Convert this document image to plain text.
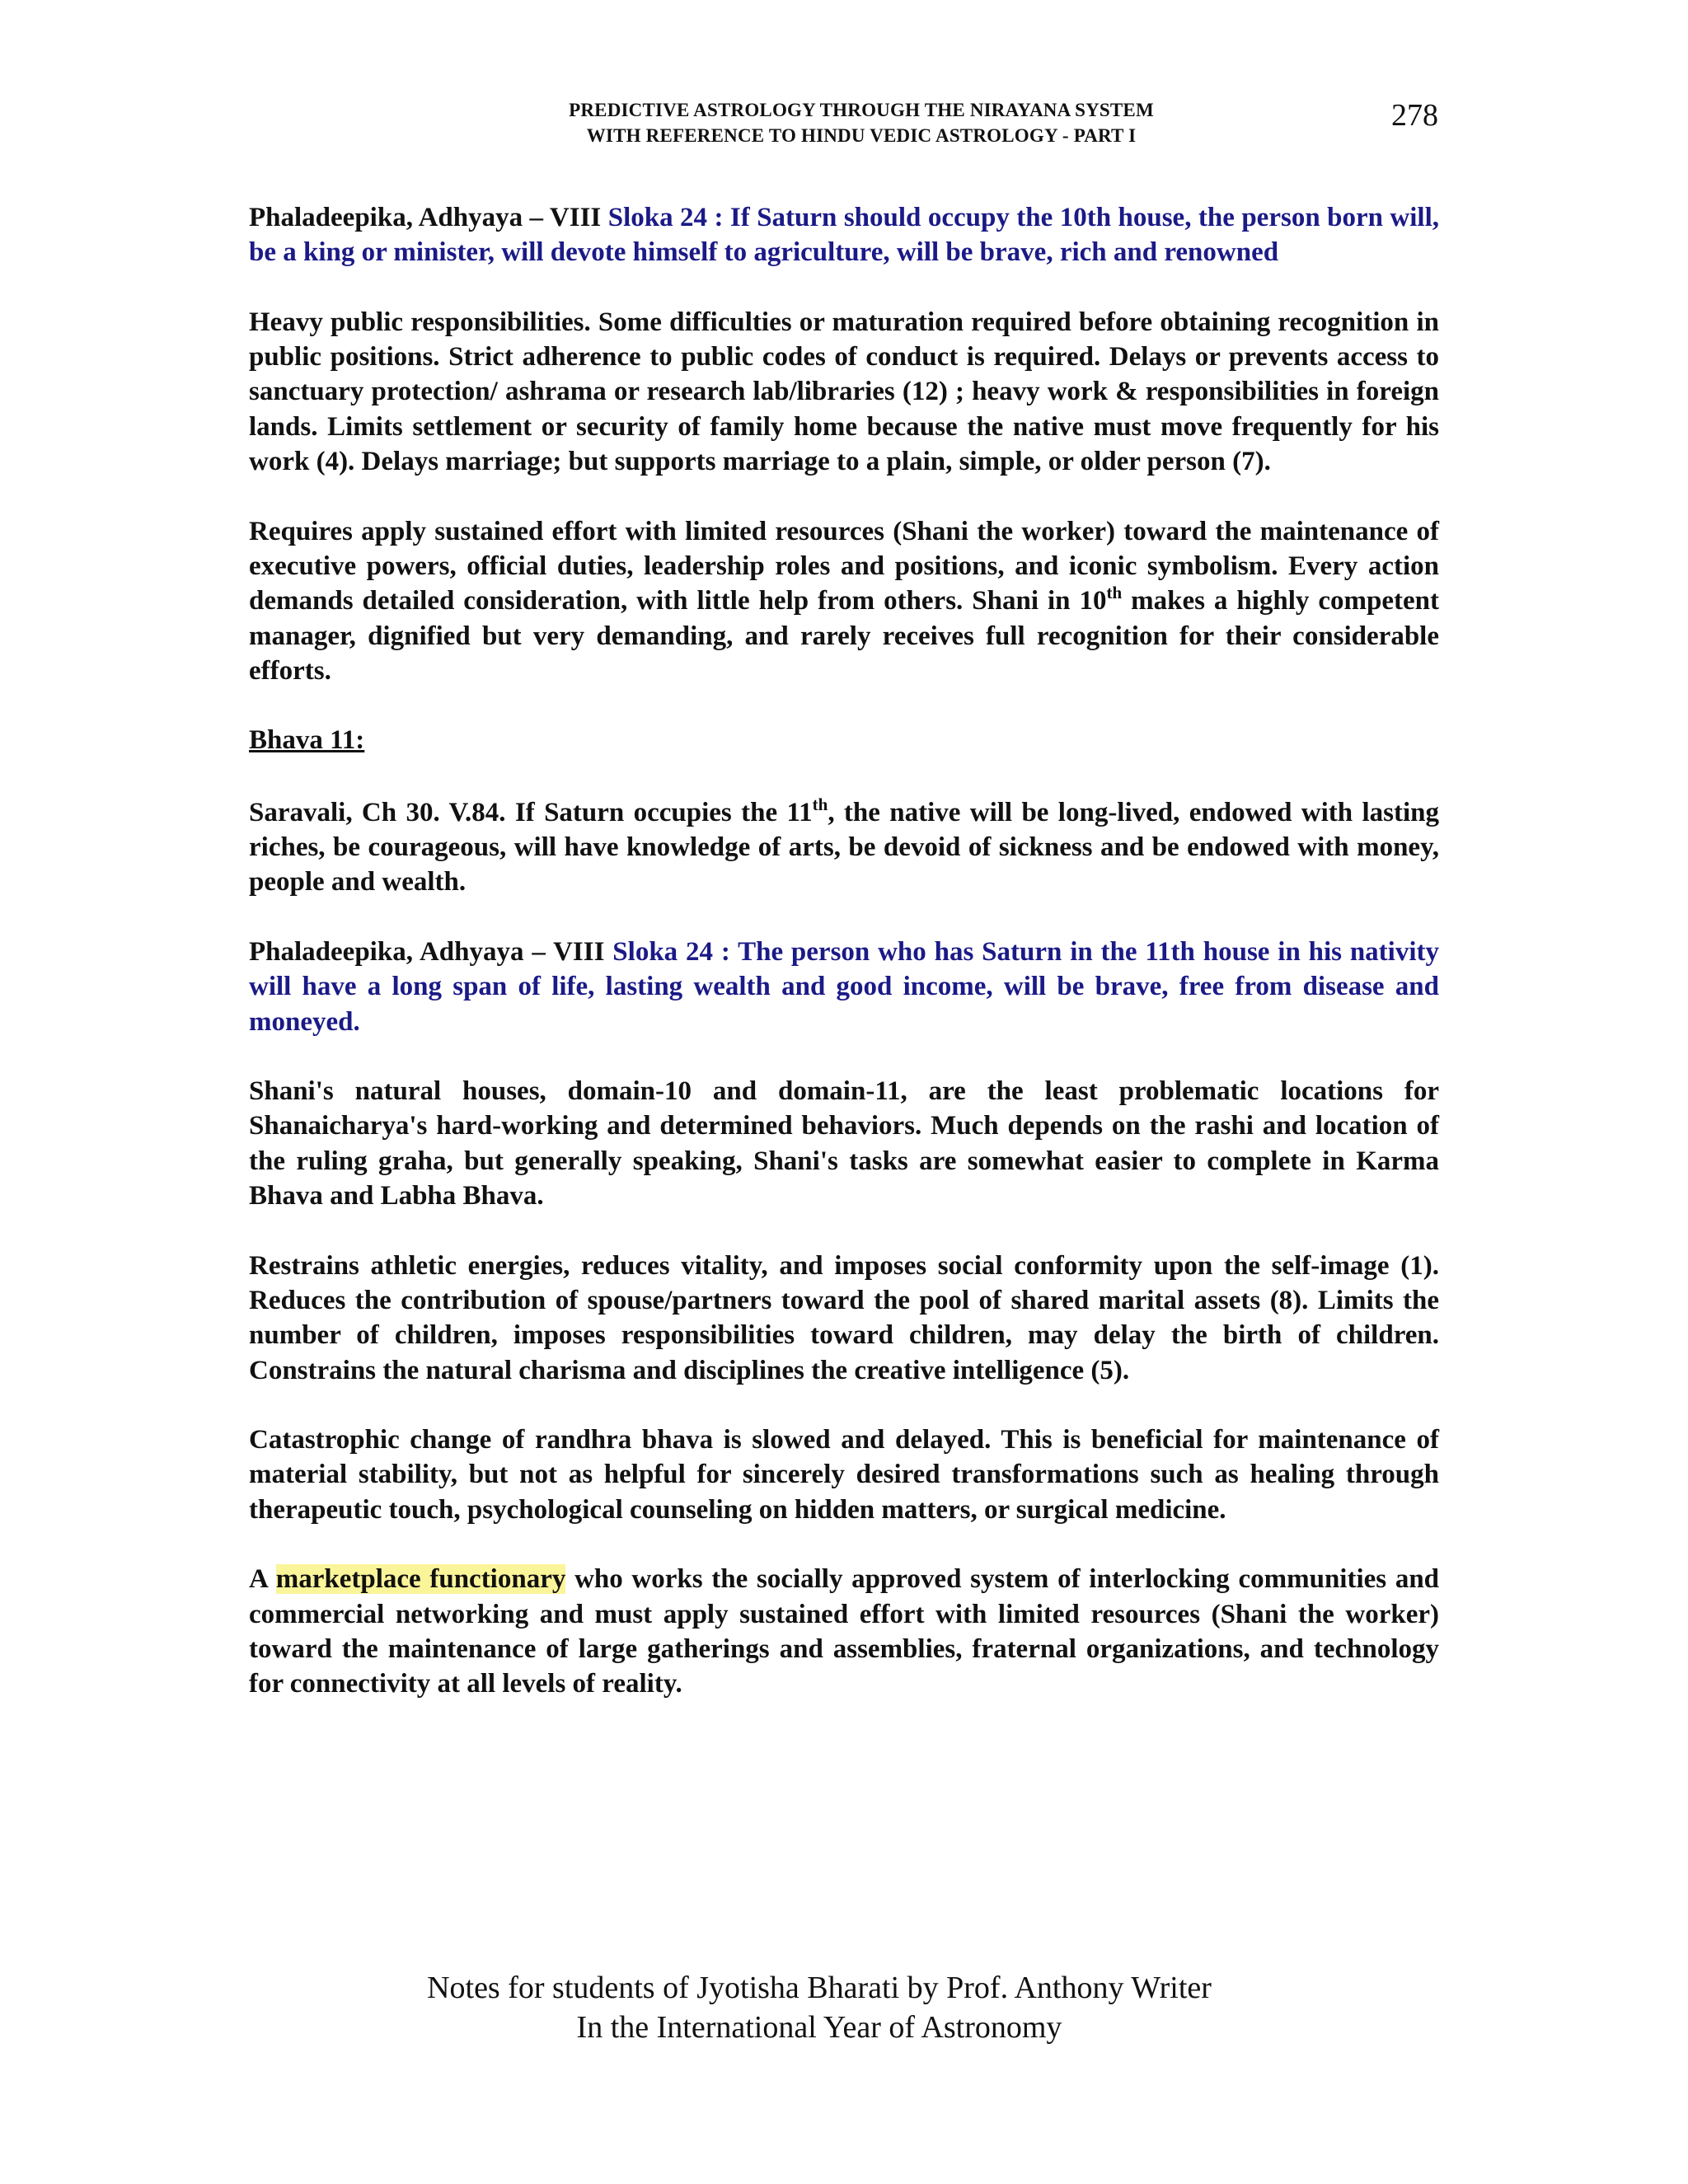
PREDICTIVE ASTROLOGY THROUGH THE NIRAYANA SYSTEM
WITH REFERENCE TO HINDU VEDIC ASTROLOGY - PART I
278

Phaladeepika, Adhyaya – VIII Sloka 24 : If Saturn should occupy the 10th house, the person born will, be a king or minister, will devote himself to agriculture, will be brave, rich and renowned

Heavy public responsibilities. Some difficulties or maturation required before obtaining recognition in public positions. Strict adherence to public codes of conduct is required. Delays or prevents access to sanctuary protection/ ashrama or research lab/libraries (12) ; heavy work & responsibilities in foreign lands. Limits settlement or security of family home because the native must move frequently for his work (4). Delays marriage; but supports marriage to a plain, simple, or older person (7).

Requires apply sustained effort with limited resources (Shani the worker) toward the maintenance of executive powers, official duties, leadership roles and positions, and iconic symbolism. Every action demands detailed consideration, with little help from others. Shani in 10th makes a highly competent manager, dignified but very demanding, and rarely receives full recognition for their considerable efforts.

Bhava 11:

Saravali, Ch 30. V.84. If Saturn occupies the 11th, the native will be long-lived, endowed with lasting riches, be courageous, will have knowledge of arts, be devoid of sickness and be endowed with money, people and wealth.

Phaladeepika, Adhyaya – VIII Sloka 24 : The person who has Saturn in the 11th house in his nativity will have a long span of life, lasting wealth and good income, will be brave, free from disease and moneyed.

Shani's natural houses, domain-10 and domain-11, are the least problematic locations for Shanaicharya's hard-working and determined behaviors. Much depends on the rashi and location of the ruling graha, but generally speaking, Shani's tasks are somewhat easier to complete in Karma Bhava and Labha Bhava.

Restrains athletic energies, reduces vitality, and imposes social conformity upon the self-image (1). Reduces the contribution of spouse/partners toward the pool of shared marital assets (8). Limits the number of children, imposes responsibilities toward children, may delay the birth of children. Constrains the natural charisma and disciplines the creative intelligence (5).

Catastrophic change of randhra bhava is slowed and delayed. This is beneficial for maintenance of material stability, but not as helpful for sincerely desired transformations such as healing through therapeutic touch, psychological counseling on hidden matters, or surgical medicine.

A marketplace functionary who works the socially approved system of interlocking communities and commercial networking and must apply sustained effort with limited resources (Shani the worker) toward the maintenance of large gatherings and assemblies, fraternal organizations, and technology for connectivity at all levels of reality.

Notes for students of Jyotisha Bharati by Prof. Anthony Writer
In the International Year of Astronomy
